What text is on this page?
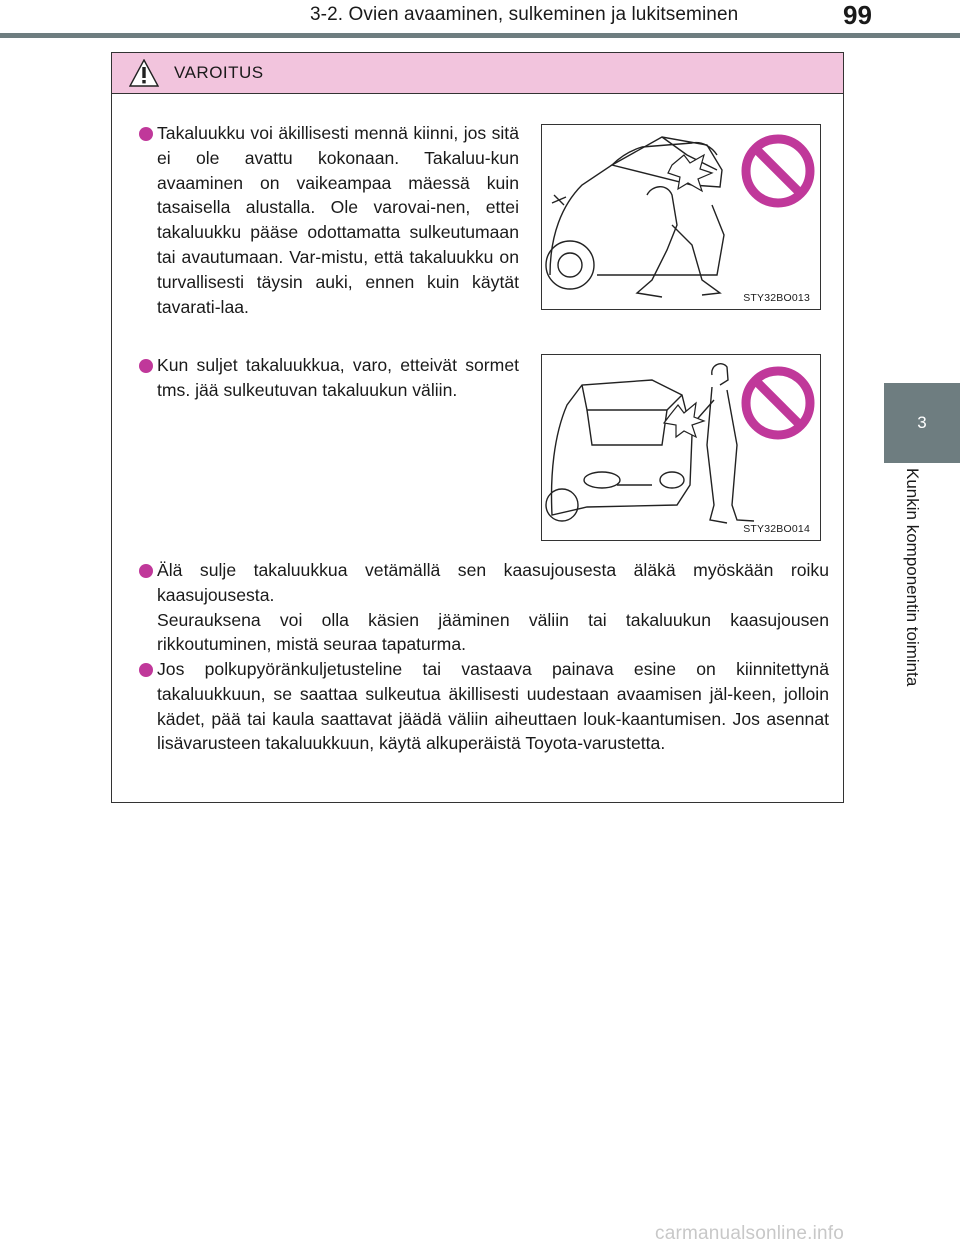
3-2. Ovien avaaminen, sulkeminen ja lukitseminen	99
3
Kunkin komponentin toiminta
VAROITUS
Takaluukku voi äkillisesti mennä kiinni, jos sitä ei ole avattu kokonaan. Takaluu-kun avaaminen on vaikeampaa mäessä kuin tasaisella alustalla. Ole varovai-nen, ettei takaluukku pääse odottamatta sulkeutumaan tai avautumaan. Var-mistu, että takaluukku on turvallisesti täysin auki, ennen kuin käytät tavarati-laa.	STY32BO013
Kun suljet takaluukkua, varo, etteivät sormet tms. jää sulkeutuvan takaluukun väliin.
STY32BO014
Älä sulje takaluukkua vetämällä sen kaasujousesta äläkä myöskään roiku kaasujousesta.
Seurauksena voi olla käsien jääminen väliin tai takaluukun kaasujousen rikkoutuminen, mistä seuraa tapaturma.
Jos polkupyöränkuljetusteline tai vastaava painava esine on kiinnitettynä takaluukkuun, se saattaa sulkeutua äkillisesti uudestaan avaamisen jäl-keen, jolloin kädet, pää tai kaula saattavat jäädä väliin aiheuttaen louk-kaantumisen. Jos asennat lisävarusteen takaluukkuun, käytä alkuperäistä Toyota-varustetta.
carmanualsonline.info
